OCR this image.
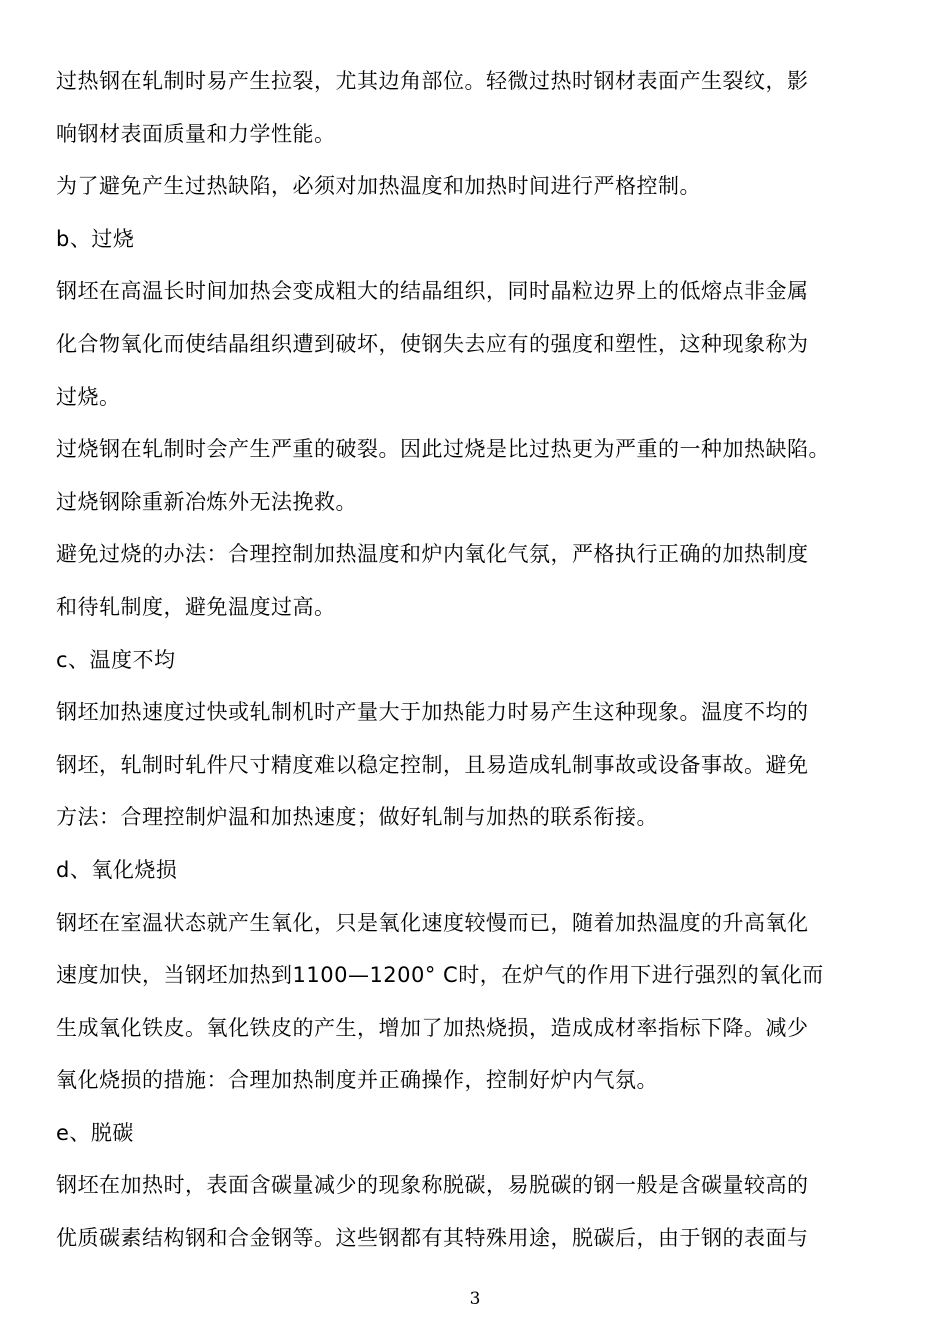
过热钢在轧制时易产生拉裂，尤其边角部位。轻微过热时钢材表面产生裂纹，影
响钢材表面质量和力学性能。

为了避免产生过热缺陷，必须对加热温度和加热时间进行严格控制。

b、过烧

钢坯在高温长时间加热会变成粗大的结晶组织，同时晶粒边界上的低熔点非金属
化合物氧化而使结晶组织遭到破坏，使钢失去应有的强度和塑性，这种现象称为
过烧。

过烧钢在轧制时会产生严重的破裂。因此过烧是比过热更为严重的一种加热缺陷。
过烧钢除重新冶炼外无法挽救。

避免过烧的办法：合理控制加热温度和炉内氧化气氛，严格执行正确的加热制度
和待轧制度，避免温度过高。

c、温度不均

钢坯加热速度过快或轧制机时产量大于加热能力时易产生这种现象。温度不均的
钢坯，轧制时轧件尺寸精度难以稳定控制，且易造成轧制事故或设备事故。避免
方法：合理控制炉温和加热速度；做好轧制与加热的联系衔接。

d、氧化烧损

钢坯在室温状态就产生氧化，只是氧化速度较慢而已，随着加热温度的升高氧化
速度加快，当钢坯加热到1100—1200° C时，在炉气的作用下进行强烈的氧化而
生成氧化铁皮。氧化铁皮的产生，增加了加热烧损，造成成材率指标下降。减少
氧化烧损的措施：合理加热制度并正确操作，控制好炉内气氛。

e、脱碳

钢坯在加热时，表面含碳量减少的现象称脱碳，易脱碳的钢一般是含碳量较高的
优质碳素结构钢和合金钢等。这些钢都有其特殊用途，脱碳后，由于钢的表面与

3
